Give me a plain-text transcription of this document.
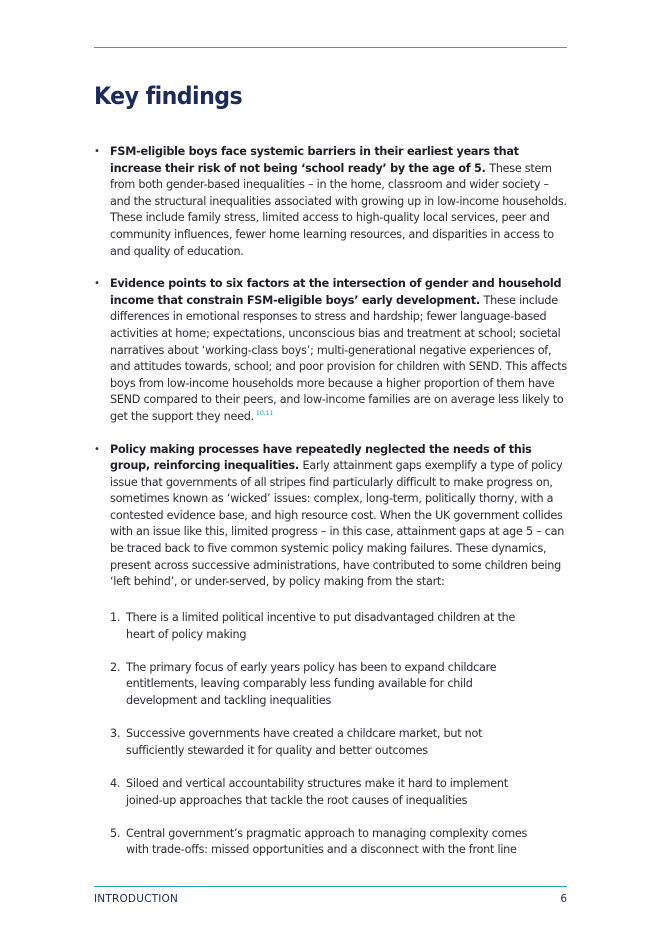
Key findings
• FSM-eligible boys face systemic barriers in their earliest years that increase their risk of not being ‘school ready’ by the age of 5. These stem from both gender-based inequalities – in the home, classroom and wider society – and the structural inequalities associated with growing up in low-income households. These include family stress, limited access to high-quality local services, peer and community influences, fewer home learning resources, and disparities in access to and quality of education.
• Evidence points to six factors at the intersection of gender and household income that constrain FSM-eligible boys’ early development. These include differences in emotional responses to stress and hardship; fewer language-based activities at home; expectations, unconscious bias and treatment at school; societal narratives about ‘working-class boys’; multi-generational negative experiences of, and attitudes towards, school; and poor provision for children with SEND. This affects boys from low-income households more because a higher proportion of them have SEND compared to their peers, and low-income families are on average less likely to get the support they need. $^{10,11}$
• Policy making processes have repeatedly neglected the needs of this group, reinforcing inequalities. Early attainment gaps exemplify a type of policy issue that governments of all stripes find particularly difficult to make progress on, sometimes known as ‘wicked’ issues: complex, long-term, politically thorny, with a contested evidence base, and high resource cost. When the UK government collides with an issue like this, limited progress – in this case, attainment gaps at age 5 – can be traced back to five common systemic policy making failures. These dynamics, present across successive administrations, have contributed to some children being ‘left behind’, or under-served, by policy making from the start:
1. There is a limited political incentive to put disadvantaged children at the heart of policy making
2. The primary focus of early years policy has been to expand childcare entitlements, leaving comparably less funding available for child development and tackling inequalities
3. Successive governments have created a childcare market, but not sufficiently stewarded it for quality and better outcomes
4. Siloed and vertical accountability structures make it hard to implement joined-up approaches that tackle the root causes of inequalities
5. Central government’s pragmatic approach to managing complexity comes with trade-offs: missed opportunities and a disconnect with the front line
INTRODUCTION	6
